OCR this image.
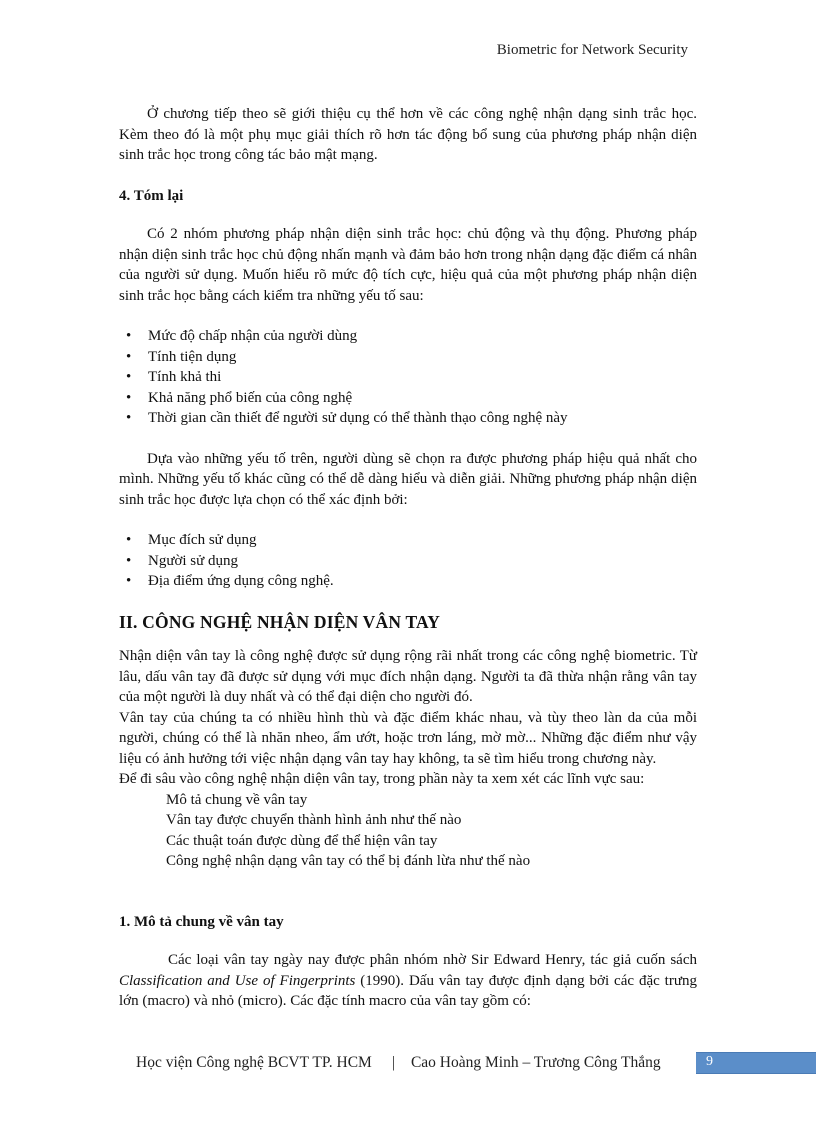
Biometric for Network Security

Ở chương tiếp theo sẽ giới thiệu cụ thể hơn về các công nghệ nhận dạng sinh trắc học. Kèm theo đó là một phụ mục giải thích rõ hơn tác động bổ sung của phương pháp nhận diện sinh trắc học trong công tác bảo mật mạng.

4. Tóm lại

Có 2 nhóm phương pháp nhận diện sinh trắc học: chủ động và thụ động. Phương pháp nhận diện sinh trắc học chủ động nhấn mạnh và đảm bảo hơn trong nhận dạng đặc điểm cá nhân của người sử dụng. Muốn hiểu rõ mức độ tích cực, hiệu quả của một phương pháp nhận diện sinh trắc học bằng cách kiểm tra những yếu tố sau:

• Mức độ chấp nhận của người dùng
• Tính tiện dụng
• Tính khả thi
• Khả năng phổ biến của công nghệ
• Thời gian cần thiết để người sử dụng có thể thành thạo công nghệ này

Dựa vào những yếu tố trên, người dùng sẽ chọn ra được phương pháp hiệu quả nhất cho mình. Những yếu tố khác cũng có thể dễ dàng hiểu và diễn giải. Những phương pháp nhận diện sinh trắc học được lựa chọn có thể xác định bởi:

• Mục đích sử dụng
• Người sử dụng
• Địa điểm ứng dụng công nghệ.
II. CÔNG NGHỆ NHẬN DIỆN VÂN TAY

Nhận diện vân tay là công nghệ được sử dụng rộng rãi nhất trong các công nghệ biometric. Từ lâu, dấu vân tay đã được sử dụng với mục đích nhận dạng. Người ta đã thừa nhận rằng vân tay của một người là duy nhất và có thể đại diện cho người đó.

Vân tay của chúng ta có nhiều hình thù và đặc điểm khác nhau, và tùy theo làn da của mỗi người, chúng có thể là nhăn nheo, ẩm ướt, hoặc trơn láng, mờ mờ... Những đặc điểm như vậy liệu có ảnh hưởng tới việc nhận dạng vân tay hay không, ta sẽ tìm hiểu trong chương này.

Để đi sâu vào công nghệ nhận diện vân tay, trong phần này ta xem xét các lĩnh vực sau:

Mô tả chung về vân tay
Vân tay được chuyển thành hình ảnh như thế nào
Các thuật toán được dùng để thể hiện vân tay
Công nghệ nhận dạng vân tay có thể bị đánh lừa như thế nào
1. Mô tả chung về vân tay

Các loại vân tay ngày nay được phân nhóm nhờ Sir Edward Henry, tác giả cuốn sách Classification and Use of Fingerprints (1990). Dấu vân tay được định dạng bởi các đặc trưng lớn (macro) và nhỏ (micro). Các đặc tính macro của vân tay gồm có:

Học viện Công nghệ BCVT TP. HCM | Cao Hoàng Minh – Trương Công Thắng	9
